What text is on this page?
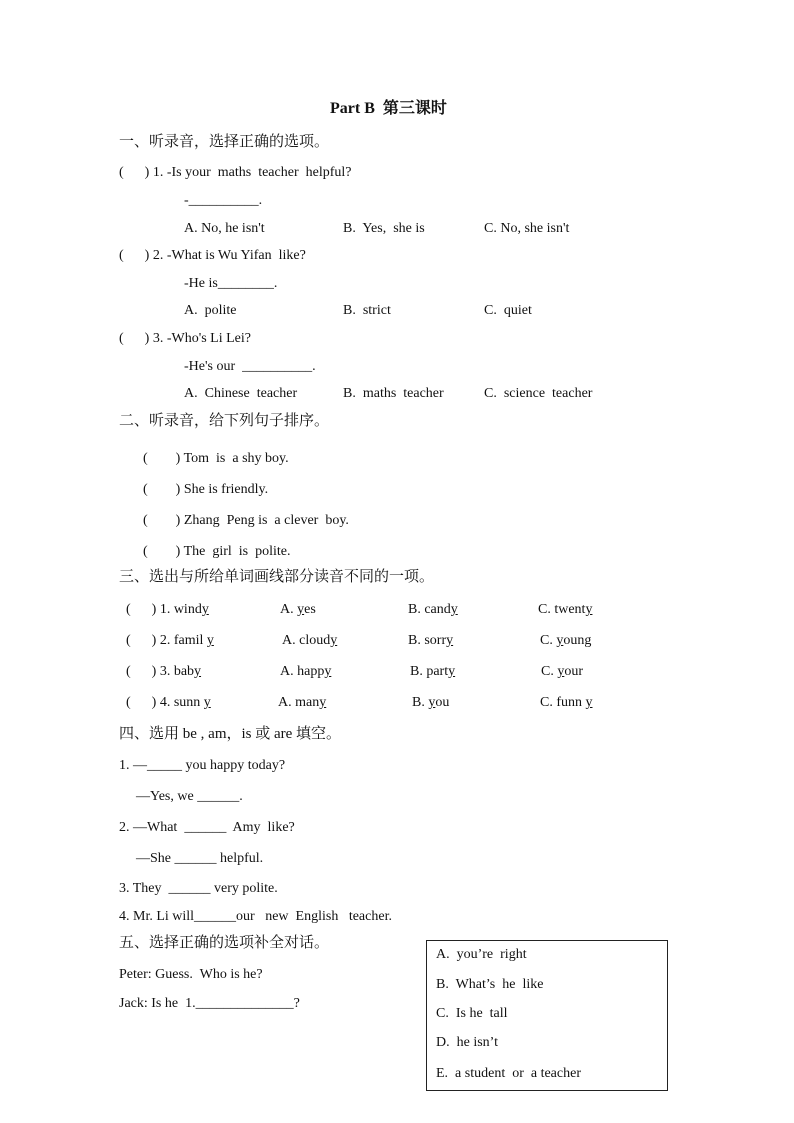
Part B  第三课时
一、听录音，选择正确的选项。
(      ) 1. -Is your  maths  teacher  helpful?
-__________.
A. No, he isn't	B.  Yes,  she is	C. No, she isn't
(      ) 2. -What is Wu Yifan  like?
-He is________.
A.  polite	B.  strict	C.  quiet
(      ) 3. -Who's Li Lei?
-He's our  __________.
A.  Chinese  teacher	B.  maths  teacher	C.  science  teacher
二、听录音，给下列句子排序。
(        ) Tom  is  a shy boy.
(        ) She is friendly.
(        ) Zhang  Peng is  a clever  boy.
(        ) The  girl  is  polite.
三、选出与所给单词画线部分读音不同的一项。
(      ) 1. windy	A. yes	B. candy	C. twenty
(      ) 2. famil y	A. cloudy	B. sorry	C. young
(      ) 3. baby	A. happy	B. party	C. your
(      ) 4. sunn y	A. many	B. you	C. funn y
四、选用 be , am，is 或 are 填空。
1. —_____ you happy today?
—Yes, we ______.
2. —What  ______  Amy  like?
—She ______ helpful.
3. They  ______ very polite.
4. Mr. Li will______our   new  English   teacher.
五、选择正确的选项补全对话。
Peter: Guess.  Who is he?
Jack: Is he  1.______________?
A.  you’re  right
B.  What’s  he  like
C.  Is he  tall
D.  he isn’t
E.  a student  or  a teacher
